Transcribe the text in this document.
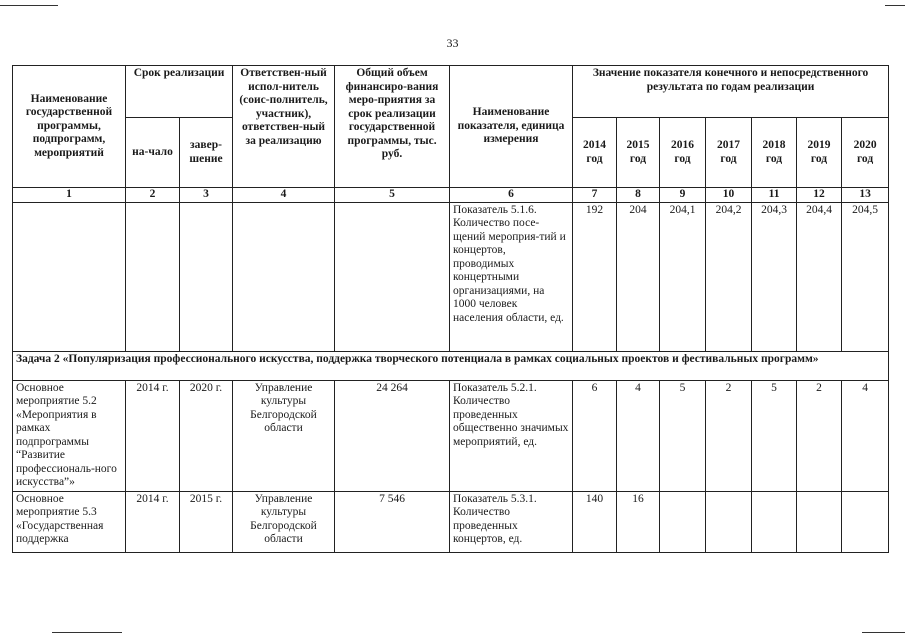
33
Наименование государственной программы, подпрограмм, мероприятий	Срок реализации		Ответствен-ный испол-нитель (соис-полнитель, участник), ответствен-ный за реализацию	Общий объем финансиро-вания меро-приятия за срок реализации государственной программы, тыс. руб.	Наименование показателя, единица измерения	Значение показателя конечного и непосредственного результата по годам реализации						
	на-чало	завер-шение				2014 год	2015 год	2016 год	2017 год	2018 год	2019 год	2020 год
1	2	3	4	5	6	7	8	9	10	11	12	13
					Показатель 5.1.6. Количество посе-щений мероприя-тий и концертов, проводимых концертными организациями, на 1000 человек населения области, ед.	192	204	204,1	204,2	204,3	204,4	204,5
Задача 2 «Популяризация профессионального искусства, поддержка творческого потенциала в рамках социальных проектов и фестивальных программ»												
Основное мероприятие 5.2 «Мероприятия в рамках подпрограммы “Развитие профессиональ-ного искусства”»	2014 г.	2020 г.	Управление культуры Белгородской области	24 264	Показатель 5.2.1. Количество проведенных общественно значимых мероприятий, ед.	6	4	5	2	5	2	4
Основное мероприятие 5.3 «Государственная поддержка	2014 г.	2015 г.	Управление культуры Белгородской области	7 546	Показатель 5.3.1. Количество проведенных концертов, ед.	140	16					
